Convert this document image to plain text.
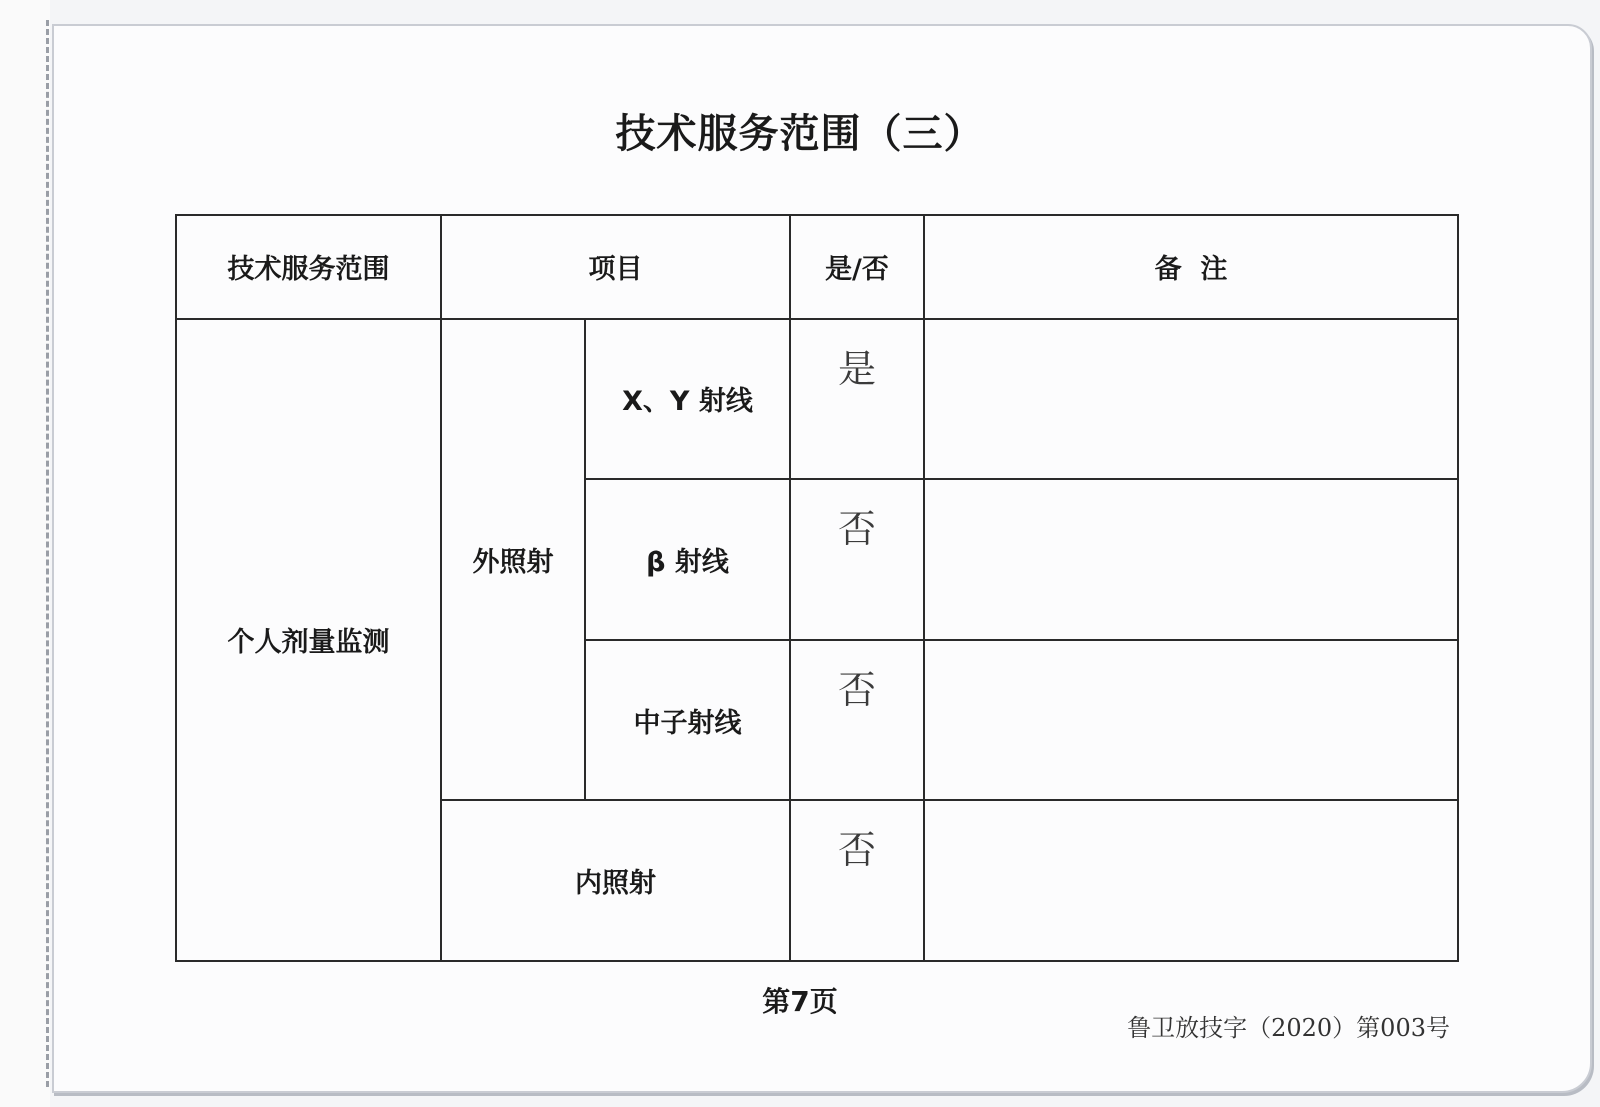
技术服务范围（三）
技术服务范围	项目		是/否	备  注
个人剂量监测	外照射	X、Y 射线	是	
		β 射线	否	
		中子射线	否	
	内照射		否	
第7页
鲁卫放技字（2020）第003号
